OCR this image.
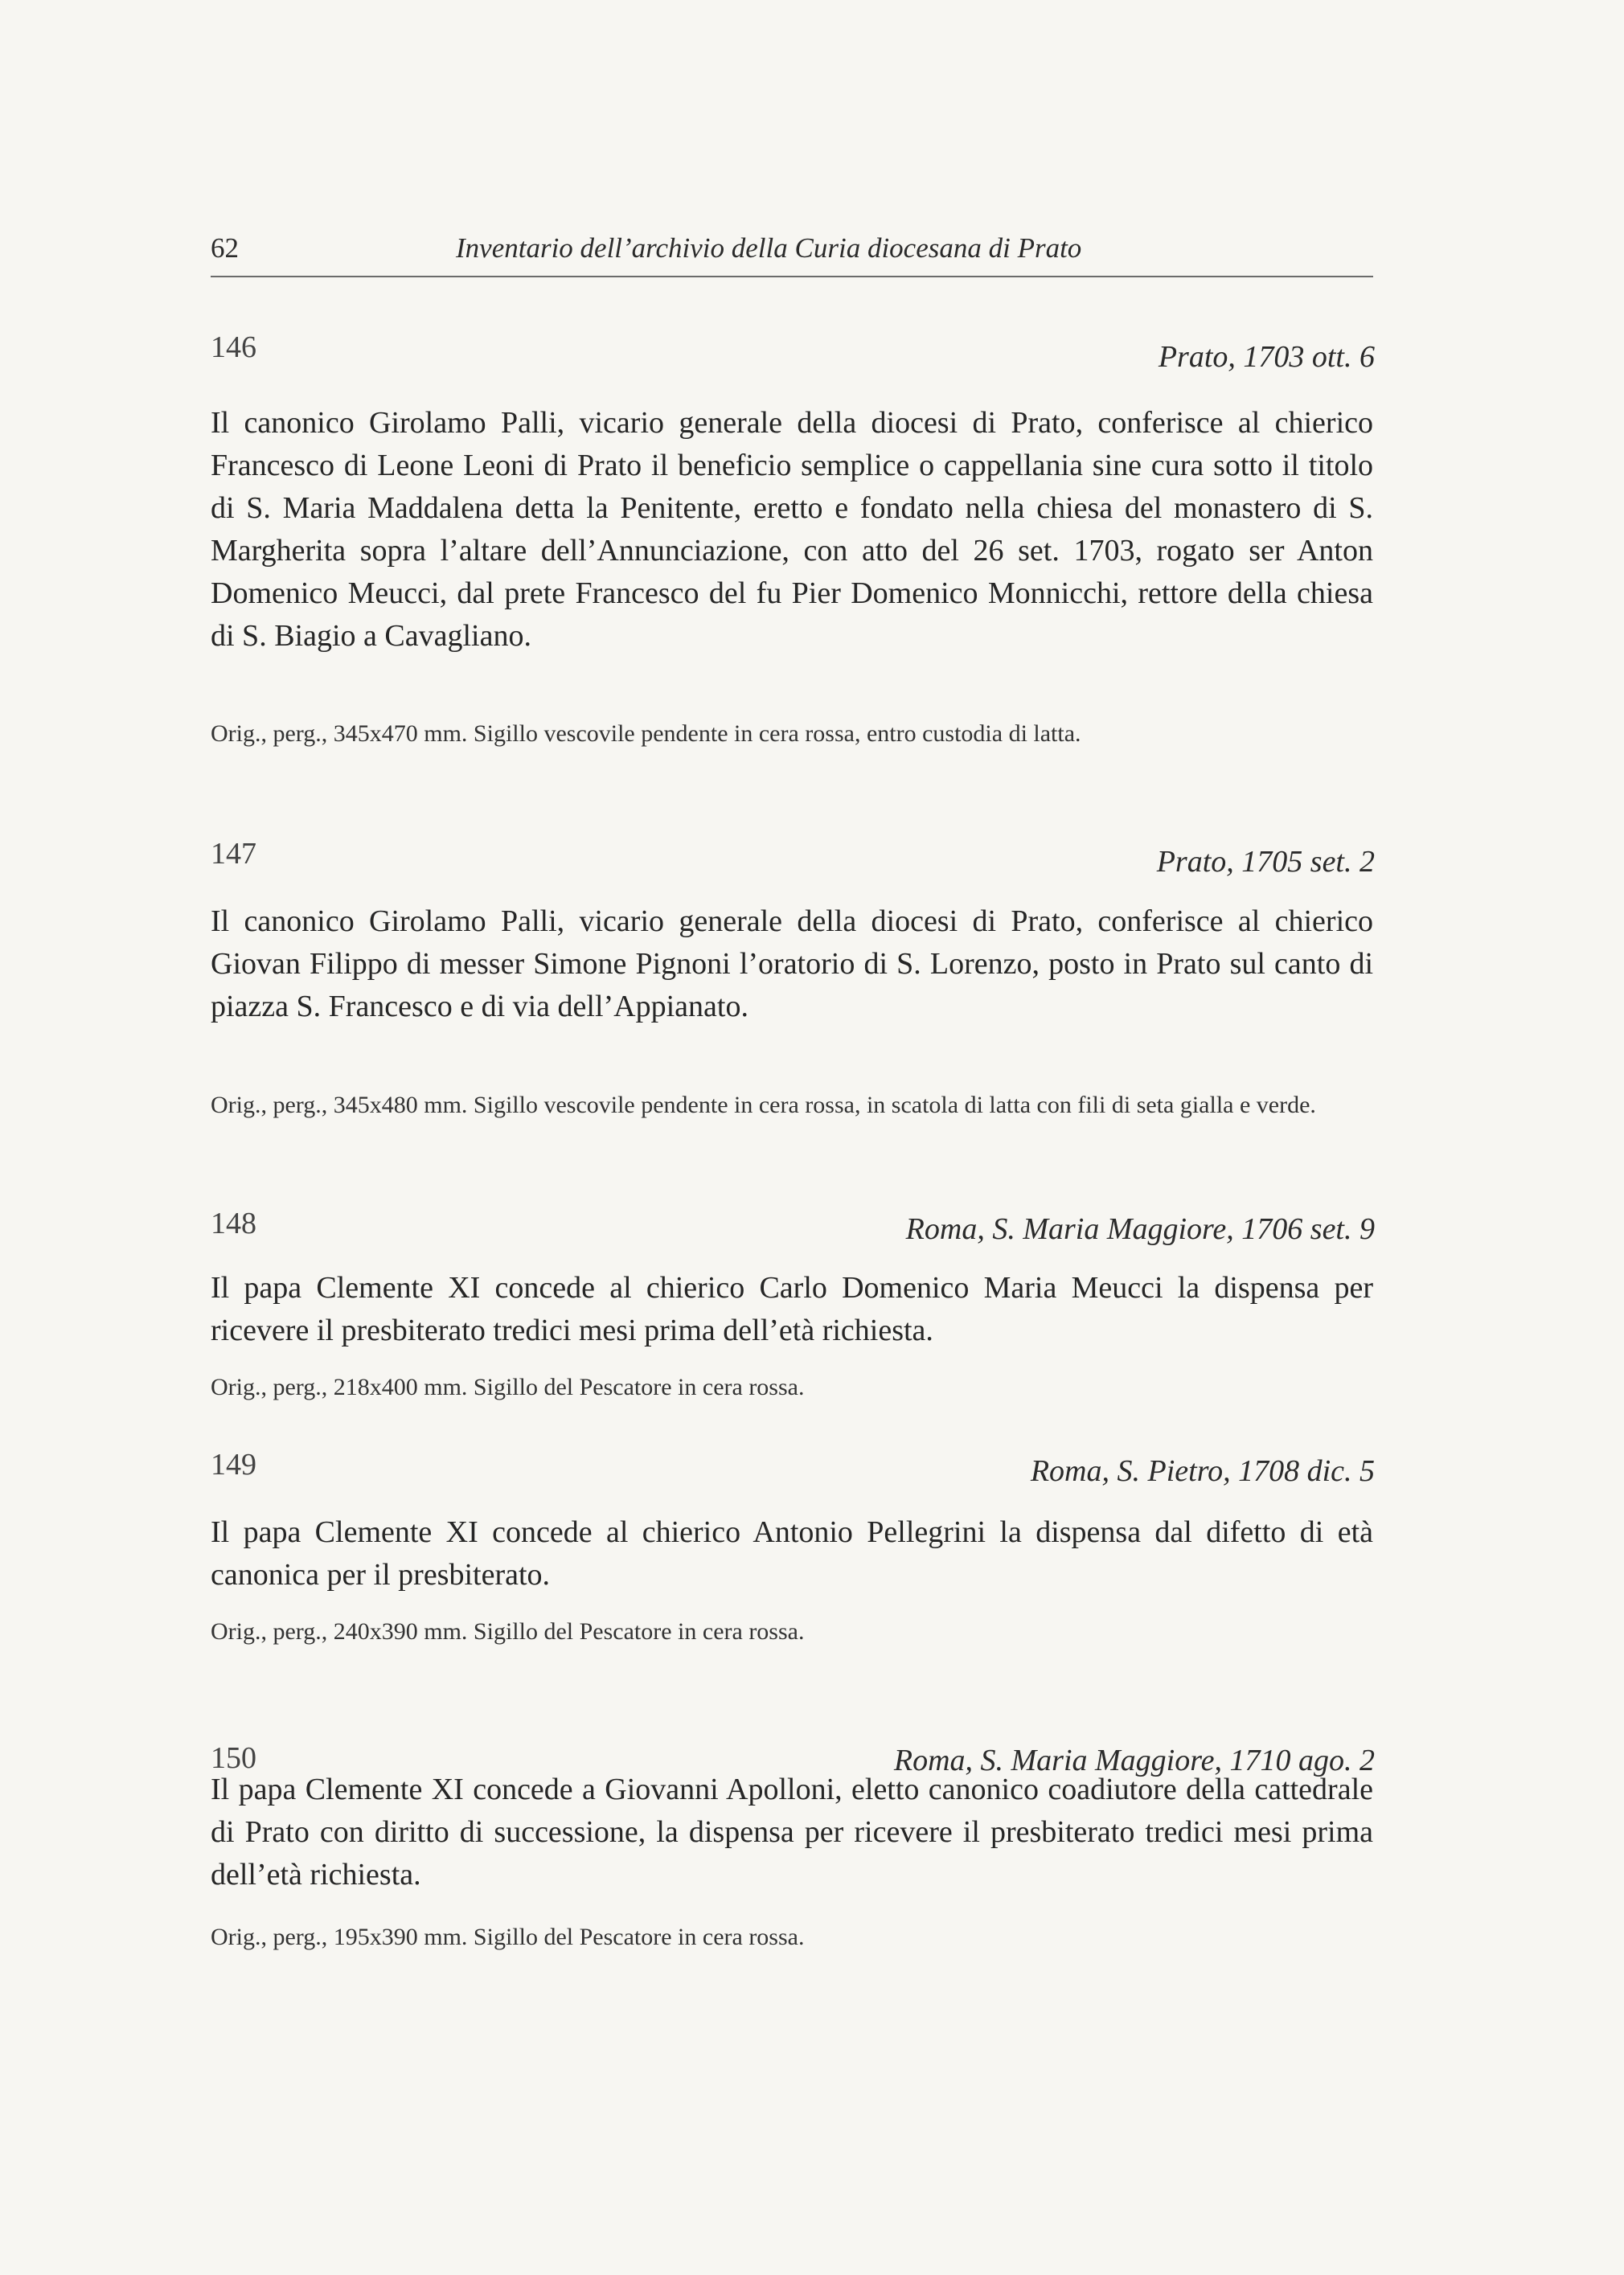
62	Inventario dell’archivio della Curia diocesana di Prato
146	Prato, 1703 ott. 6
Il canonico Girolamo Palli, vicario generale della diocesi di Prato, conferisce al chierico Francesco di Leone Leoni di Prato il beneficio semplice o cappellania sine cura sotto il titolo di S. Maria Maddalena detta la Penitente, eretto e fondato nella chiesa del monastero di S. Margherita sopra l’altare dell’Annunciazione, con atto del 26 set. 1703, rogato ser Anton Domenico Meucci, dal prete Francesco del fu Pier Domenico Monnicchi, rettore della chiesa di S. Biagio a Cavagliano.
Orig., perg., 345x470 mm. Sigillo vescovile pendente in cera rossa, entro custodia di latta.
147	Prato, 1705 set. 2
Il canonico Girolamo Palli, vicario generale della diocesi di Prato, conferisce al chierico Giovan Filippo di messer Simone Pignoni l’oratorio di S. Lorenzo, posto in Prato sul canto di piazza S. Francesco e di via dell’Appianato.
Orig., perg., 345x480 mm. Sigillo vescovile pendente in cera rossa, in scatola di latta con fili di seta gialla e verde.
148	Roma, S. Maria Maggiore, 1706 set. 9
Il papa Clemente XI concede al chierico Carlo Domenico Maria Meucci la dispensa per ricevere il presbiterato tredici mesi prima dell’età richiesta.
Orig., perg., 218x400 mm. Sigillo del Pescatore in cera rossa.
149	Roma, S. Pietro, 1708 dic. 5
Il papa Clemente XI concede al chierico Antonio Pellegrini la dispensa dal difetto di età canonica per il presbiterato.
Orig., perg., 240x390 mm. Sigillo del Pescatore in cera rossa.
150	Roma, S. Maria Maggiore, 1710 ago. 2
Il papa Clemente XI concede a Giovanni Apolloni, eletto canonico coadiutore della cattedrale di Prato con diritto di successione, la dispensa per ricevere il presbiterato tredici mesi prima dell’età richiesta.
Orig., perg., 195x390 mm. Sigillo del Pescatore in cera rossa.
